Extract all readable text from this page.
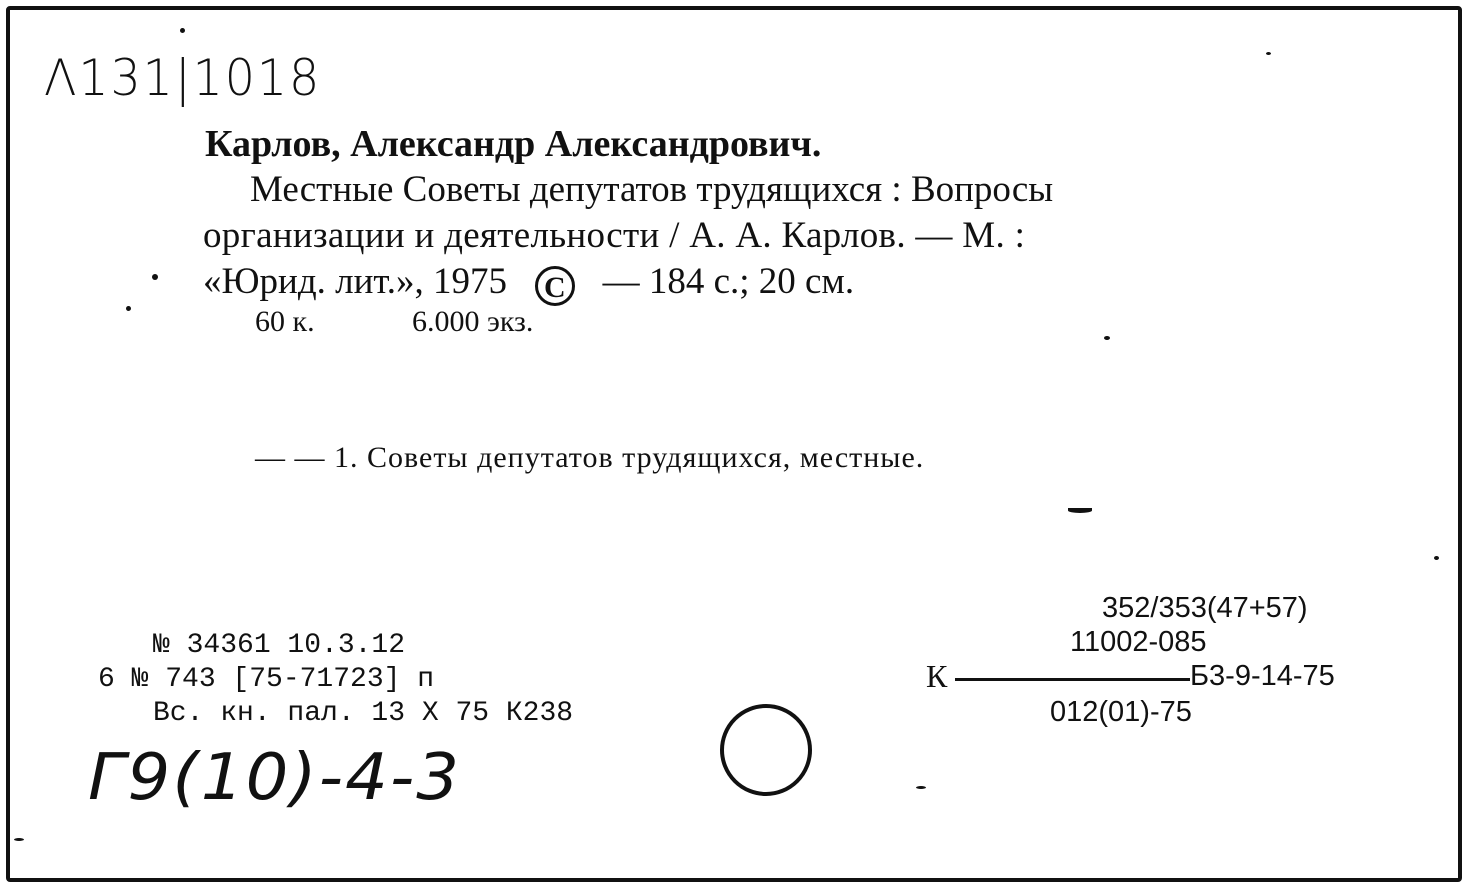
Λ131|1018
Карлов, Александр Александрович.
Местные Советы депутатов трудящихся : Вопросы
организации и деятельности / А. А. Карлов. — М. :
«Юрид. лит.», 1975 C — 184 с.; 20 см.
60 к.	6.000 экз.
— — 1. Советы депутатов трудящихся, местные.
№ 34361 10.3.12
6 № 743 [75-71723] п
Вс. кн. пал. 13 X 75 К238
352/353(47+57)
11002-085
К	Б3-9-14-75
012(01)-75
Г9(10)-4-3
